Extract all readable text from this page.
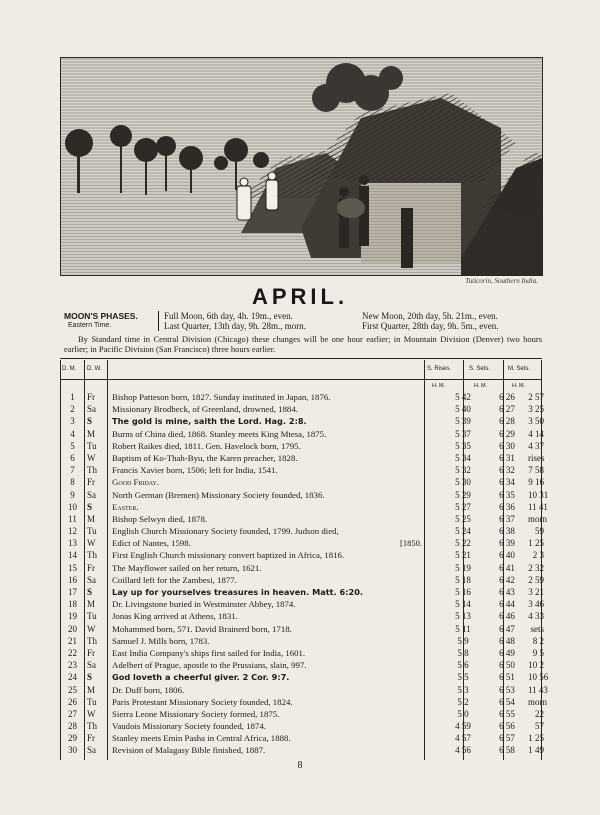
Tuticorin, Southern India.
APRIL.
MOON'S PHASES.
Eastern Time.
Full Moon, 6th day, 4h. 19m., even.
Last Quarter, 13th day, 9h. 28m., morn.
New Moon, 20th day, 5h. 21m., even.
First Quarter, 28th day, 9h. 5m., even.
By Standard time in Central Division (Chicago) these changes will be one hour earlier; in Mountain Division (Denver) two hours earlier; in Pacific Division (San Francisco) three hours earlier.
D. M. D. W.	S. Rises.	S. Sets.	M. Sets.
H. M.	H. M.	H. M.
1	Fr	Bishop Patteson born, 1827. Sunday instituted in Japan, 1876.	5 42	6 26	2 57
2	Sa	Missionary Brodbeck, of Greenland, drowned, 1884.	5 40	6 27	3 25
3	S	The gold is mine, saith the Lord. Hag. 2:8.	5 39	6 28	3 50
4	M	Burns of China died, 1868. Stanley meets King Mtesa, 1875.	5 37	6 29	4 14
5	Tu	Robert Raikes died, 1811. Gen. Havelock born, 1795.	5 35	6 30	4 37
6	W	Baptism of Ko-Thah-Byu, the Karen preacher, 1828.	5 34	6 31	rises
7	Th	Francis Xavier born, 1506; left for India, 1541.	5 32	6 32	7 58
8	Fr	Good Friday.	5 30	6 34	9 16
9	Sa	North German (Bremen) Missionary Society founded, 1836.	5 29	6 35	10 31
10	S	Easter.	5 27	6 36	11 41
11	M	Bishop Selwyn died, 1878.	5 25	6 37	morn
12	Tu	English Church Missionary Society founded, 1799. Judson died,	5 24	6 38	59
13	W	Edict of Nantes, 1598.	[1850.	5 22	6 39	1 25
14	Th	First English Church missionary convert baptized in Africa, 1816.	5 21	6 40	2 3
15	Fr	The Mayflower sailed on her return, 1621.	5 19	6 41	2 32
16	Sa	Coillard left for the Zambesi, 1877.	5 18	6 42	2 59
17	S	Lay up for yourselves treasures in heaven. Matt. 6:20.	5 16	6 43	3 21
18	M	Dr. Livingstone buried in Westminster Abbey, 1874.	5 14	6 44	3 46
19	Tu	Jonas King arrived at Athens, 1831.	5 13	6 46	4 33
20	W	Mohammed born, 571. David Brainerd born, 1718.	5 11	6 47	sets
21	Th	Samuel J. Mills born, 1783.	5 9	6 48	8 2
22	Fr	East India Company's ships first sailed for India, 1601.	5 8	6 49	9 5
23	Sa	Adelbert of Prague, apostle to the Prussians, slain, 997.	5 6	6 50	10 2
24	S	God loveth a cheerful giver. 2 Cor. 9:7.	5 5	6 51	10 56
25	M	Dr. Duff born, 1806.	5 3	6 53	11 43
26	Tu	Paris Protestant Missionary Society founded, 1824.	5 2	6 54	morn
27	W	Sierra Leone Missionary Society formed, 1875.	5 0	6 55	22
28	Th	Vaudois Missionary Society founded, 1874.	4 59	6 56	57
29	Fr	Stanley meets Emin Pasha in Central Africa, 1888.	4 57	6 57	1 25
30	Sa	Revision of Malagasy Bible finished, 1887.	4 56	6 58	1 49
8
